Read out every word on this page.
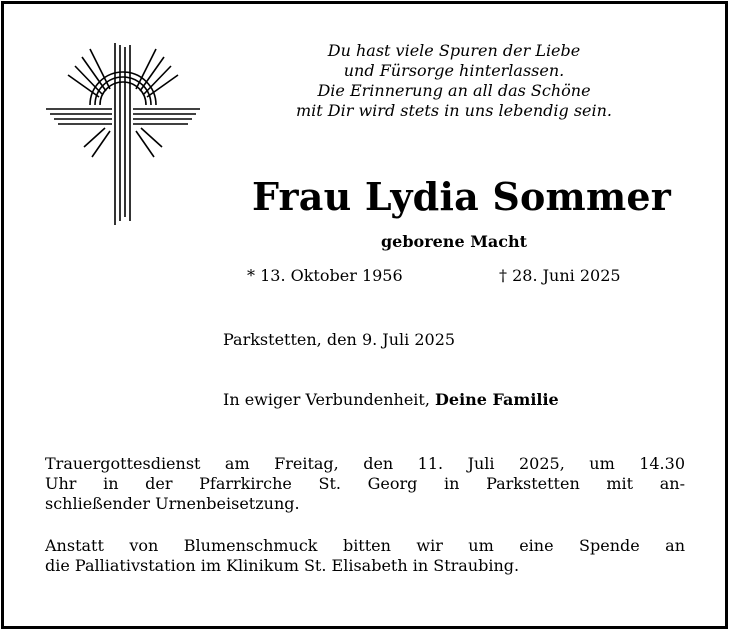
Du hast viele Spuren der Liebe
und Fürsorge hinterlassen.
Die Erinnerung an all das Schöne
mit Dir wird stets in uns lebendig sein.
Frau Lydia Sommer
geborene Macht
* 13. Oktober 1956	† 28. Juni 2025
Parkstetten, den 9. Juli 2025
In ewiger Verbundenheit, Deine Familie
Trauergottesdienst am Freitag, den 11. Juli 2025, um 14.30
Uhr in der Pfarrkirche St. Georg in Parkstetten mit an-
schließender Urnenbeisetzung.
Anstatt von Blumenschmuck bitten wir um eine Spende an
die Palliativstation im Klinikum St. Elisabeth in Straubing.
